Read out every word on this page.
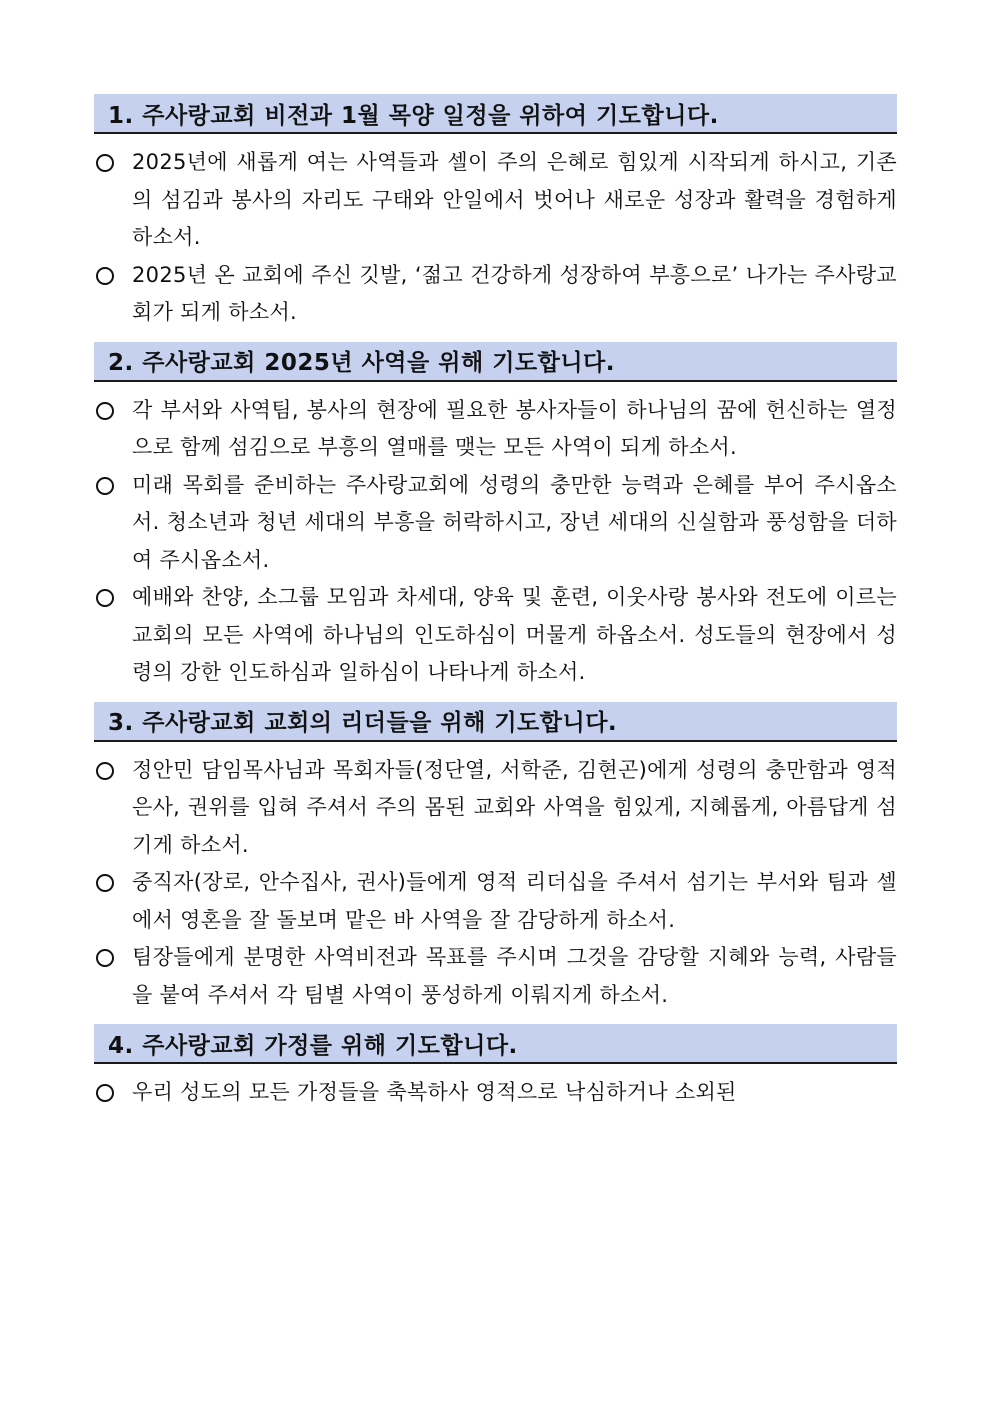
1. 주사랑교회 비전과 1월 목양 일정을 위하여 기도합니다.
2025년에 새롭게 여는 사역들과 셀이 주의 은혜로 힘있게 시작되게 하시고, 기존의 섬김과 봉사의 자리도 구태와 안일에서 벗어나 새로운 성장과 활력을 경험하게 하소서.
2025년 온 교회에 주신 깃발, ‘젊고 건강하게 성장하여 부흥으로’ 나가는 주사랑교회가 되게 하소서.
2. 주사랑교회 2025년 사역을 위해 기도합니다.
각 부서와 사역팀, 봉사의 현장에 필요한 봉사자들이 하나님의 꿈에 헌신하는 열정으로 함께 섬김으로 부흥의 열매를 맺는 모든 사역이 되게 하소서.
미래 목회를 준비하는 주사랑교회에 성령의 충만한 능력과 은혜를 부어 주시옵소서. 청소년과 청년 세대의 부흥을 허락하시고, 장년 세대의 신실함과 풍성함을 더하여 주시옵소서.
예배와 찬양, 소그룹 모임과 차세대, 양육 및 훈련, 이웃사랑 봉사와 전도에 이르는 교회의 모든 사역에 하나님의 인도하심이 머물게 하옵소서. 성도들의 현장에서 성령의 강한 인도하심과 일하심이 나타나게 하소서.
3. 주사랑교회 교회의 리더들을 위해 기도합니다.
정안민 담임목사님과 목회자들(정단열, 서학준, 김현곤)에게 성령의 충만함과 영적 은사, 권위를 입혀 주셔서 주의 몸된 교회와 사역을 힘있게, 지혜롭게, 아름답게 섬기게 하소서.
중직자(장로, 안수집사, 권사)들에게 영적 리더십을 주셔서 섬기는 부서와 팀과 셀에서 영혼을 잘 돌보며 맡은 바 사역을 잘 감당하게 하소서.
팀장들에게 분명한 사역비전과 목표를 주시며 그것을 감당할 지혜와 능력, 사람들을 붙여 주셔서 각 팀별 사역이 풍성하게 이뤄지게 하소서.
4. 주사랑교회 가정를 위해 기도합니다.
우리 성도의 모든 가정들을 축복하사 영적으로 낙심하거나 소외된
